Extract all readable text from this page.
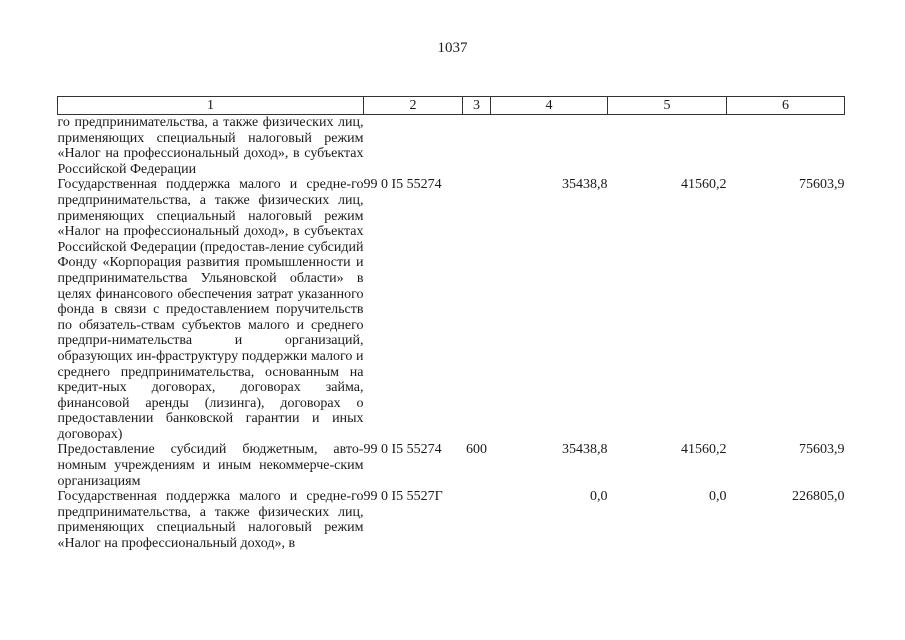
1037
1	2	3	4	5	6
го предпринимательства, а также физических лиц, применяющих специальный налоговый режим «Налог на профессиональный доход», в субъектах Российской Федерации					
Государственная поддержка малого и средне-го предпринимательства, а также физических лиц, применяющих специальный налоговый режим «Налог на профессиональный доход», в субъектах Российской Федерации (предостав-ление субсидий Фонду «Корпорация развития промышленности и предпринимательства Ульяновской области» в целях финансового обеспечения затрат указанного фонда в связи с предоставлением поручительств по обязатель-ствам субъектов малого и среднего предпри-нимательства и организаций, образующих ин-фраструктуру поддержки малого и среднего предпринимательства, основанным на кредит-ных договорах, договорах займа, финансовой аренды (лизинга), договорах о предоставлении банковской гарантии и иных договорах)	99 0 I5 55274		35438,8	41560,2	75603,9
Предоставление субсидий бюджетным, авто-номным учреждениям и иным некоммерче-ским организациям	99 0 I5 55274	600	35438,8	41560,2	75603,9
Государственная поддержка малого и средне-го предпринимательства, а также физических лиц, применяющих специальный налоговый режим «Налог на профессиональный доход», в	99 0 I5 5527Г		0,0	0,0	226805,0
